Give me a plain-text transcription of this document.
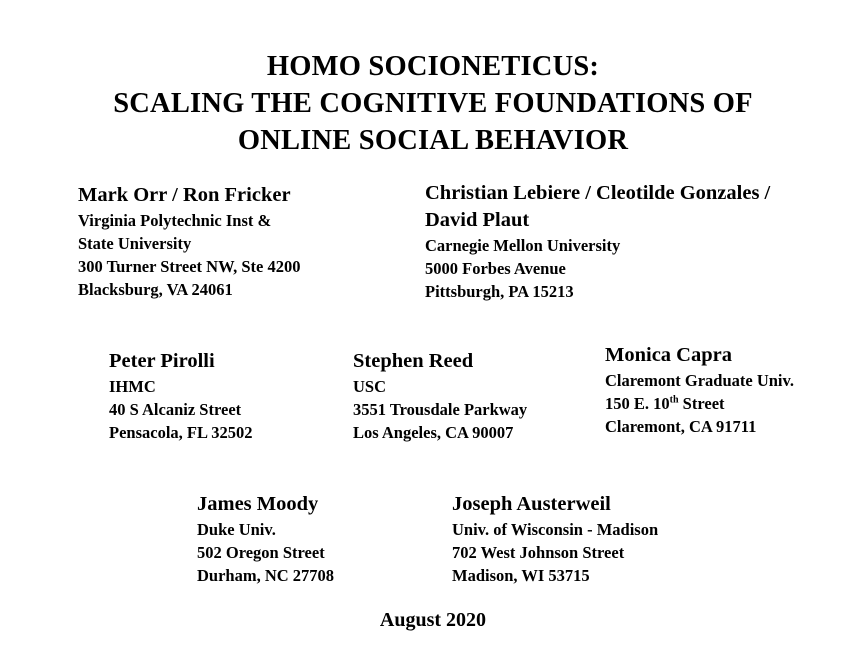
HOMO SOCIONETICUS:
SCALING THE COGNITIVE FOUNDATIONS OF
ONLINE SOCIAL BEHAVIOR
Mark Orr / Ron Fricker
Virginia Polytechnic Inst &
State University
300 Turner Street NW, Ste 4200
Blacksburg, VA 24061
Christian Lebiere / Cleotilde Gonzales /
David Plaut
Carnegie Mellon University
5000 Forbes Avenue
Pittsburgh, PA 15213
Peter Pirolli
IHMC
40 S Alcaniz Street
Pensacola, FL 32502
Stephen Reed
USC
3551 Trousdale Parkway
Los Angeles, CA 90007
Monica Capra
Claremont Graduate Univ.
150 E. 10th Street
Claremont, CA 91711
James Moody
Duke Univ.
502 Oregon Street
Durham, NC 27708
Joseph Austerweil
Univ. of Wisconsin - Madison
702 West Johnson Street
Madison, WI 53715
August 2020
